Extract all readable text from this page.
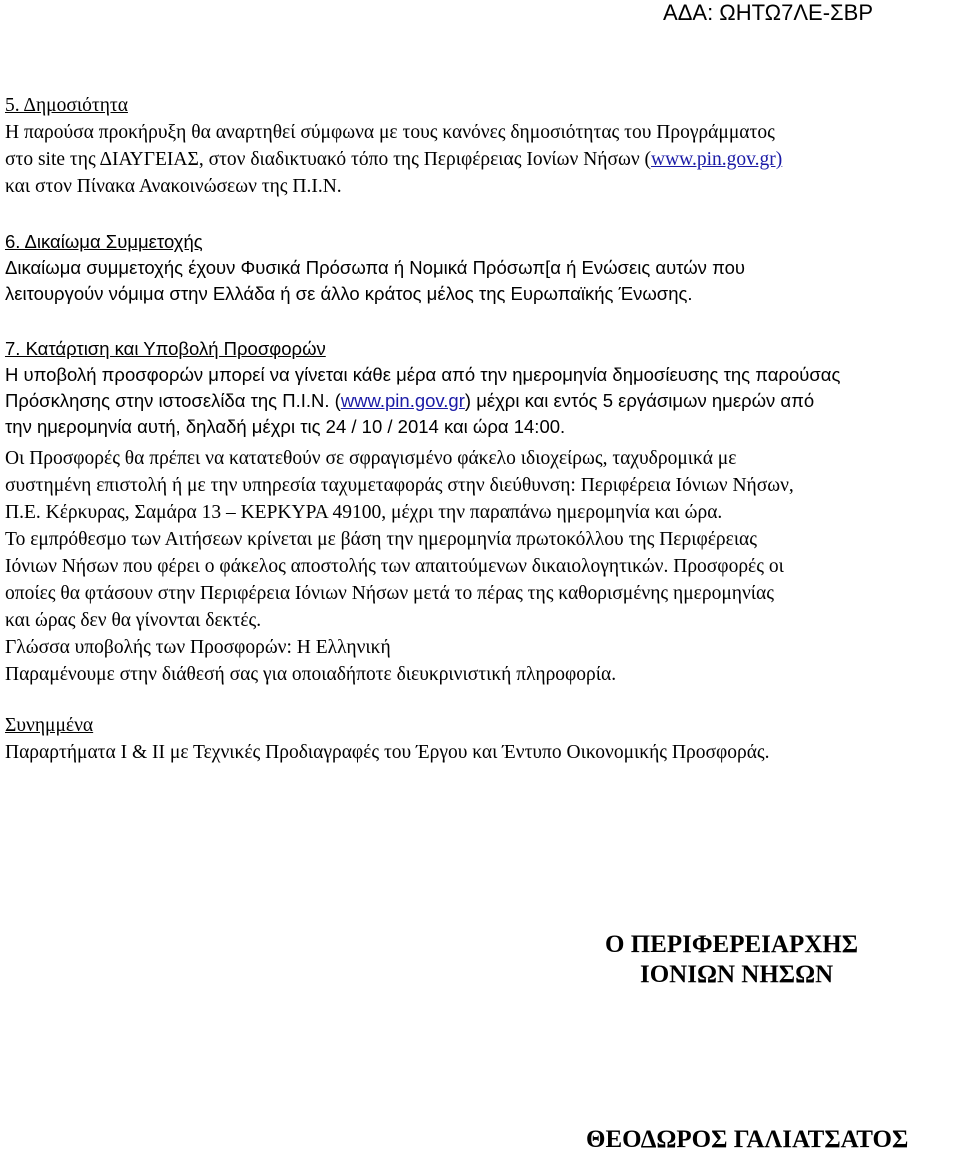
ΑΔΑ: ΩΗΤΩ7ΛΕ-ΣΒΡ
5. Δημοσιότητα
Η παρούσα προκήρυξη θα αναρτηθεί σύμφωνα με τους κανόνες δημοσιότητας του Προγράμματος
στο site της ΔΙΑΥΓΕΙΑΣ, στον διαδικτυακό τόπο της Περιφέρειας Ιονίων Νήσων (www.pin.gov.gr)
και στον Πίνακα Ανακοινώσεων της Π.Ι.Ν.
6. Δικαίωμα Συμμετοχής
Δικαίωμα συμμετοχής έχουν Φυσικά Πρόσωπα ή Νομικά Πρόσωπ[α ή Ενώσεις αυτών που
λειτουργούν νόμιμα στην Ελλάδα ή σε άλλο κράτος μέλος της Ευρωπαϊκής Ένωσης.
7. Κατάρτιση και Υποβολή Προσφορών
Η υποβολή προσφορών μπορεί να γίνεται κάθε μέρα από την ημερομηνία δημοσίευσης της παρούσας
Πρόσκλησης στην ιστοσελίδα της Π.Ι.Ν. (www.pin.gov.gr) μέχρι και εντός 5 εργάσιμων ημερών από
την ημερομηνία αυτή, δηλαδή μέχρι τις 24 / 10 / 2014 και ώρα 14:00.
Οι Προσφορές θα πρέπει να κατατεθούν σε σφραγισμένο φάκελο ιδιοχείρως, ταχυδρομικά με
συστημένη επιστολή ή με την υπηρεσία ταχυμεταφοράς στην διεύθυνση: Περιφέρεια Ιόνιων Νήσων,
Π.Ε. Κέρκυρας, Σαμάρα 13 – ΚΕΡΚΥΡΑ 49100, μέχρι την παραπάνω ημερομηνία και ώρα.
Το εμπρόθεσμο των Αιτήσεων κρίνεται με βάση την ημερομηνία πρωτοκόλλου της Περιφέρειας
Ιόνιων Νήσων που φέρει ο φάκελος αποστολής των απαιτούμενων δικαιολογητικών. Προσφορές οι
οποίες θα φτάσουν στην Περιφέρεια Ιόνιων Νήσων μετά το πέρας της καθορισμένης ημερομηνίας
και ώρας δεν θα γίνονται δεκτές.
Γλώσσα υποβολής των Προσφορών: Η Ελληνική
Παραμένουμε στην διάθεσή σας για οποιαδήποτε διευκρινιστική πληροφορία.
Συνημμένα
Παραρτήματα Ι & ΙΙ με Τεχνικές Προδιαγραφές του Έργου και Έντυπο Οικονομικής Προσφοράς.
Ο ΠΕΡΙΦΕΡΕΙΑΡΧΗΣ
ΙΟΝΙΩΝ ΝΗΣΩΝ
ΘΕΟΔΩΡΟΣ ΓΑΛΙΑΤΣΑΤΟΣ
